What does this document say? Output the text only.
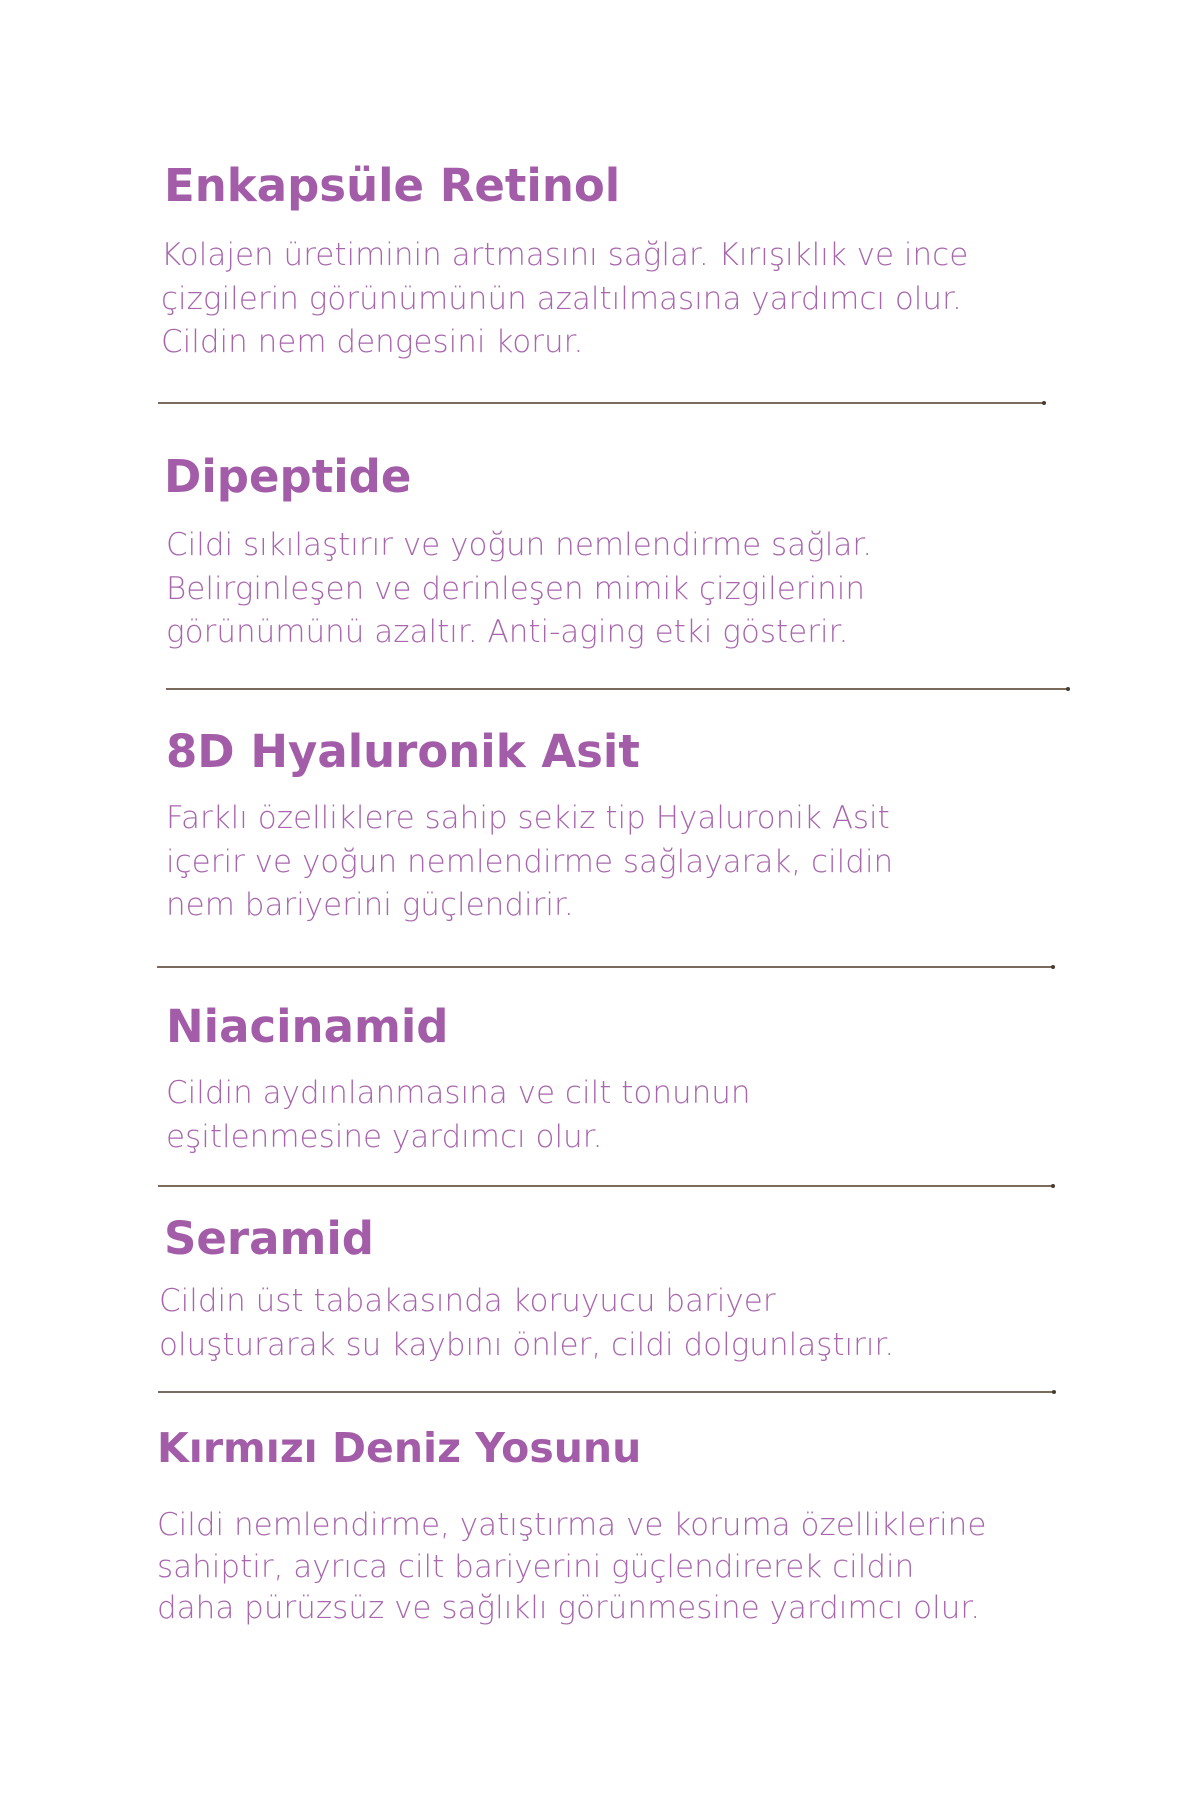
Enkapsüle Retinol

Kolajen üretiminin artmasını sağlar. Kırışıklık ve ince
çizgilerin görünümünün azaltılmasına yardımcı olur.
Cildin nem dengesini korur.

Dipeptide

Cildi sıkılaştırır ve yoğun nemlendirme sağlar.
Belirginleşen ve derinleşen mimik çizgilerinin
görünümünü azaltır. Anti-aging etki gösterir.

8D Hyaluronik Asit

Farklı özelliklere sahip sekiz tip Hyaluronik Asit
içerir ve yoğun nemlendirme sağlayarak, cildin
nem bariyerini güçlendirir.

Niacinamid

Cildin aydınlanmasına ve cilt tonunun
eşitlenmesine yardımcı olur.

Seramid

Cildin üst tabakasında koruyucu bariyer
oluşturarak su kaybını önler, cildi dolgunlaştırır.

Kırmızı Deniz Yosunu

Cildi nemlendirme, yatıştırma ve koruma özelliklerine
sahiptir, ayrıca cilt bariyerini güçlendirerek cildin
daha pürüzsüz ve sağlıklı görünmesine yardımcı olur.
